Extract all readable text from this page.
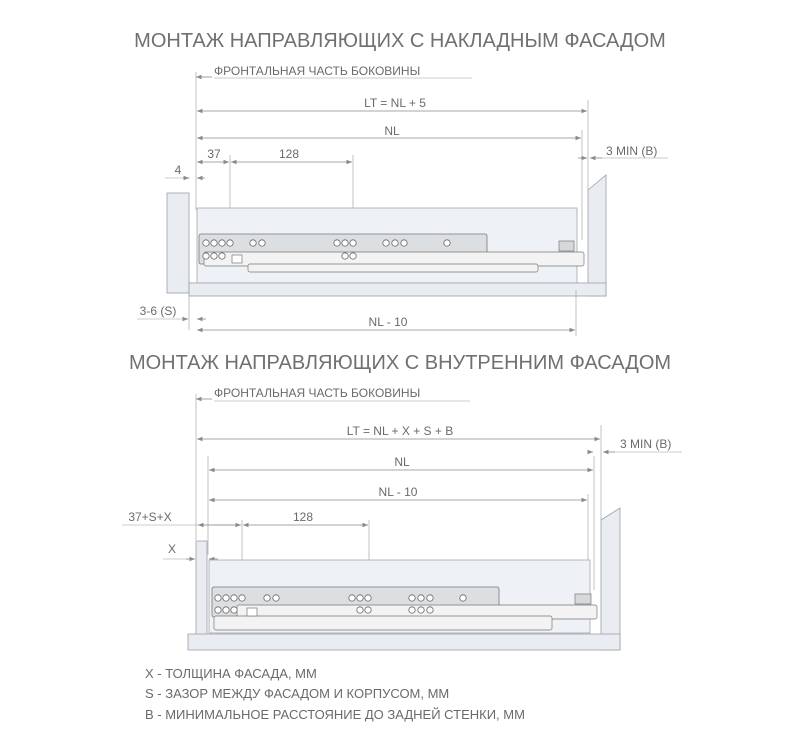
МОНТАЖ НАПРАВЛЯЮЩИХ С НАКЛАДНЫМ ФАСАДОМ
ФРОНТАЛЬНАЯ ЧАСТЬ БОКОВИНЫ
LT = NL + 5
NL
37	128	3 MIN (B)
4
3-6 (S)
NL - 10
МОНТАЖ НАПРАВЛЯЮЩИХ С ВНУТРЕННИМ ФАСАДОМ
ФРОНТАЛЬНАЯ ЧАСТЬ БОКОВИНЫ
LT = NL + X + S + B
3 MIN (B)
NL
NL - 10
37+S+X	128
X
X - ТОЛЩИНА ФАСАДА, ММ
S - ЗАЗОР МЕЖДУ ФАСАДОМ И КОРПУСОМ, ММ
B - МИНИМАЛЬНОЕ РАССТОЯНИЕ ДО ЗАДНЕЙ СТЕНКИ, ММ
